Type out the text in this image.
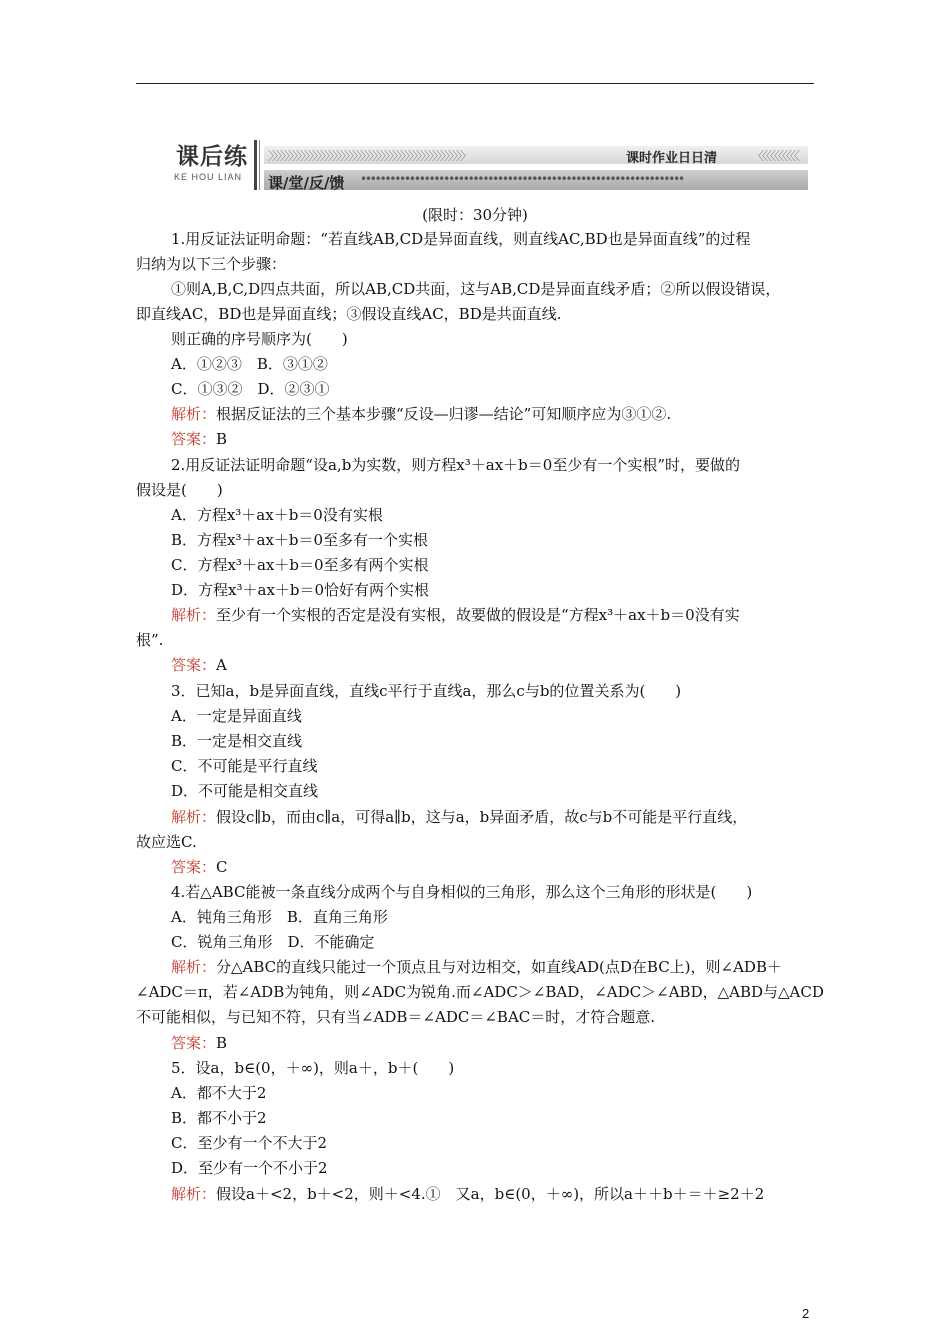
课后练
KE HOU LIAN
〉〉〉〉〉〉〉〉〉〉〉〉〉〉〉〉〉〉〉〉〉〉〉〉〉〉〉〉〉〉〉〉〉〉〉〉〉〉〉〉〉〉〉〉〉〉〉〉〉	课时作业日日清	〈〈〈〈〈〈〈〈〈〈
课/堂/反/馈 • • • • • • • • • • • • • • • • • • • • • • • • • • • • • • • • • • • • • • • • • • • • • • • • • • • • • • • • • • • • • • • • • •
(限时：30分钟)
1.用反证法证明命题：“若直线AB,CD是异面直线，则直线AC,BD也是异面直线”的过程
归纳为以下三个步骤：
①则A,B,C,D四点共面，所以AB,CD共面，这与AB,CD是异面直线矛盾；②所以假设错误，
即直线AC，BD也是异面直线；③假设直线AC，BD是共面直线.
则正确的序号顺序为(　　)
A．①②③　B．③①②
C．①③②　D．②③①
解析：根据反证法的三个基本步骤“反设—归谬—结论”可知顺序应为③①②.
答案：B
2.用反证法证明命题“设a,b为实数，则方程x³＋ax＋b＝0至少有一个实根”时，要做的
假设是(　　)
A．方程x³＋ax＋b＝0没有实根
B．方程x³＋ax＋b＝0至多有一个实根
C．方程x³＋ax＋b＝0至多有两个实根
D．方程x³＋ax＋b＝0恰好有两个实根
解析：至少有一个实根的否定是没有实根，故要做的假设是“方程x³＋ax＋b＝0没有实
根”.
答案：A
3．已知a，b是异面直线，直线c平行于直线a，那么c与b的位置关系为(　　)
A．一定是异面直线
B．一定是相交直线
C．不可能是平行直线
D．不可能是相交直线
解析：假设c∥b，而由c∥a，可得a∥b，这与a，b异面矛盾，故c与b不可能是平行直线，
故应选C.
答案：C
4.若△ABC能被一条直线分成两个与自身相似的三角形，那么这个三角形的形状是(　　)
A．钝角三角形　B．直角三角形
C．锐角三角形　D．不能确定
解析：分△ABC的直线只能过一个顶点且与对边相交，如直线AD(点D在BC上)，则∠ADB＋
∠ADC＝π，若∠ADB为钝角，则∠ADC为锐角.而∠ADC＞∠BAD，∠ADC＞∠ABD，△ABD与△ACD
不可能相似，与已知不符，只有当∠ADB＝∠ADC＝∠BAC＝时，才符合题意.
答案：B
5．设a，b∈(0，＋∞)，则a＋，b＋(　　)
A．都不大于2
B．都不小于2
C．至少有一个不大于2
D．至少有一个不小于2
解析：假设a＋<2，b＋<2，则＋<4.①　又a，b∈(0，＋∞)，所以a＋＋b＋＝＋≥2＋2
2
